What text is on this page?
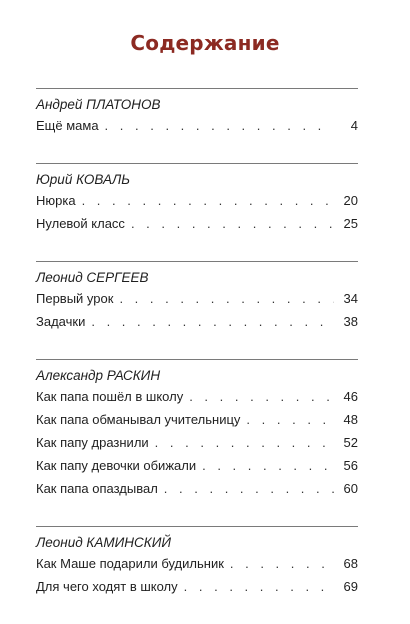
Содержание
Андрей ПЛАТОНОВ
Ещё мама . . .	4
Юрий КОВАЛЬ
Нюрка . . .	20
Нулевой класс . . .	25
Леонид СЕРГЕЕВ
Первый урок . . .	34
Задачки . . .	38
Александр РАСКИН
Как папа пошёл в школу . . .	46
Как папа обманывал учительницу . . .	48
Как папу дразнили . . .	52
Как папу девочки обижали . . .	56
Как папа опаздывал . . .	60
Леонид КАМИНСКИЙ
Как Маше подарили будильник . . .	68
Для чего ходят в школу . . .	69
